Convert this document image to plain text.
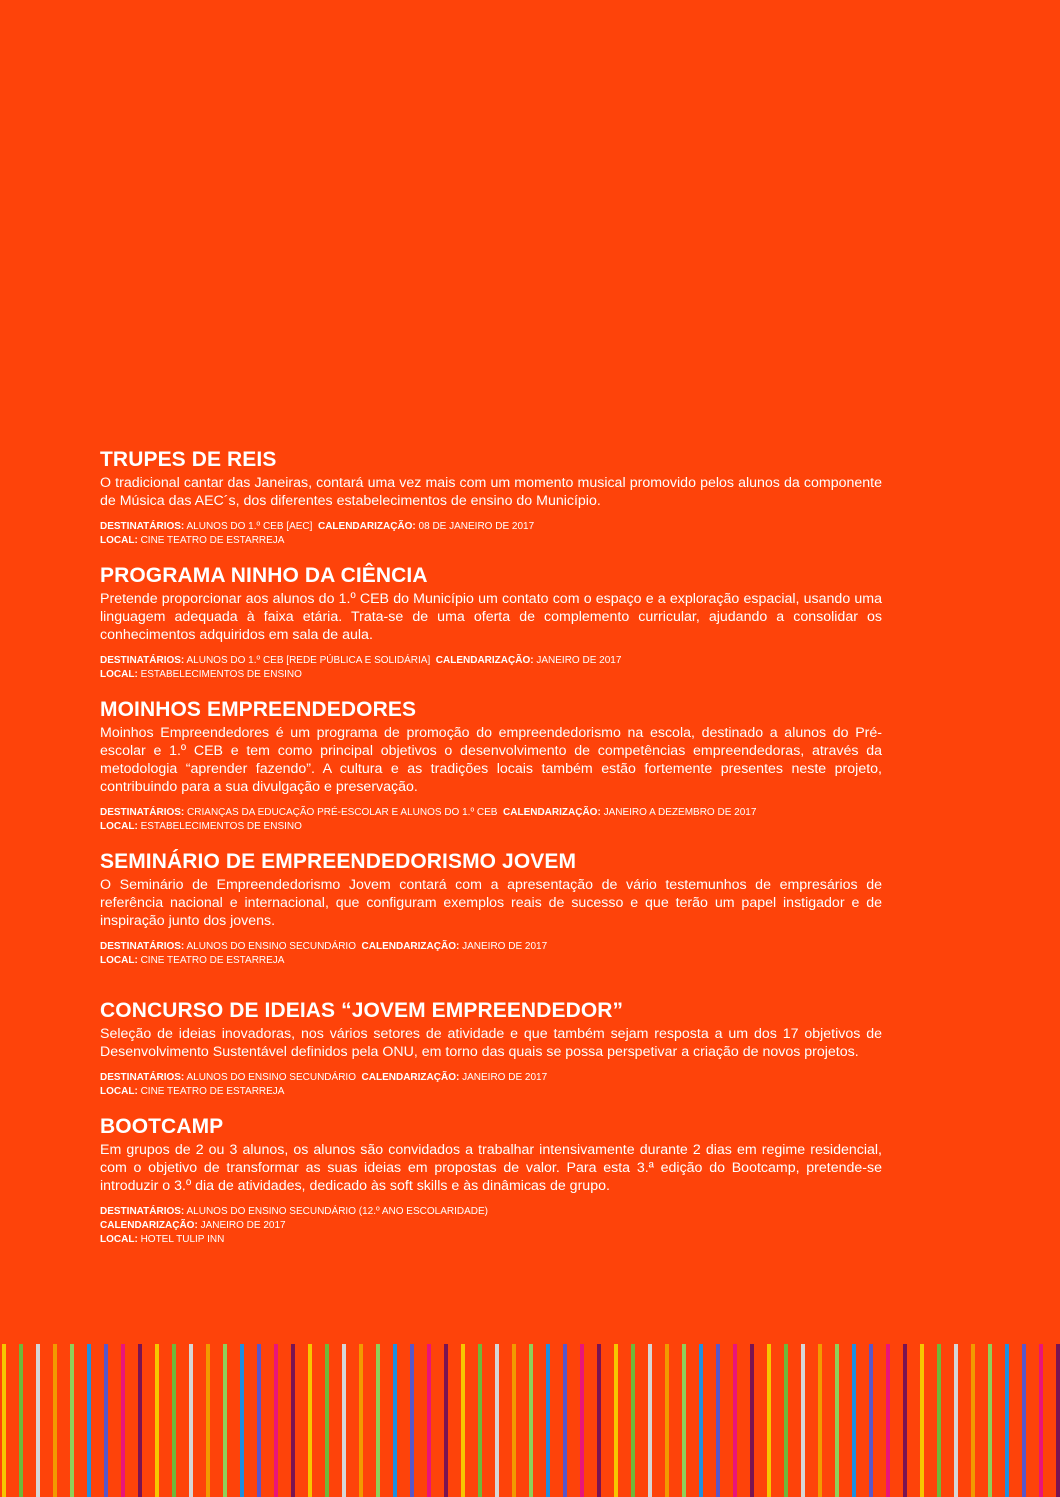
TRUPES DE REIS
O tradicional cantar das Janeiras, contará uma vez mais com um momento musical promovido pelos alunos da componente de Música das AEC´s, dos diferentes estabelecimentos de ensino do Município.
DESTINATÁRIOS: ALUNOS DO 1.º CEB [AEC] CALENDARIZAÇÃO: 08 DE JANEIRO DE 2017
LOCAL: CINE TEATRO DE ESTARREJA
PROGRAMA NINHO DA CIÊNCIA
Pretende proporcionar aos alunos do 1.º CEB do Município um contato com o espaço e a exploração espacial, usando uma linguagem adequada à faixa etária. Trata-se de uma oferta de complemento curricular, ajudando a consolidar os conhecimentos adquiridos em sala de aula.
DESTINATÁRIOS: ALUNOS DO 1.º CEB [REDE PÚBLICA E SOLIDÁRIA] CALENDARIZAÇÃO: JANEIRO DE 2017
LOCAL: ESTABELECIMENTOS DE ENSINO
MOINHOS EMPREENDEDORES
Moinhos Empreendedores é um programa de promoção do empreendedorismo na escola, destinado a alunos do Pré-escolar e 1.º CEB e tem como principal objetivos o desenvolvimento de competências empreendedoras, através da metodologia “aprender fazendo”. A cultura e as tradições locais também estão fortemente presentes neste projeto, contribuindo para a sua divulgação e preservação.
DESTINATÁRIOS: CRIANÇAS DA EDUCAÇÃO PRÉ-ESCOLAR E ALUNOS DO 1.º CEB CALENDARIZAÇÃO: JANEIRO A DEZEMBRO DE 2017
LOCAL: ESTABELECIMENTOS DE ENSINO
SEMINÁRIO DE EMPREENDEDORISMO JOVEM
O Seminário de Empreendedorismo Jovem contará com a apresentação de vário testemunhos de empresários de referência nacional e internacional, que configuram exemplos reais de sucesso e que terão um papel instigador e de inspiração junto dos jovens.
DESTINATÁRIOS: ALUNOS DO ENSINO SECUNDÁRIO CALENDARIZAÇÃO: JANEIRO DE 2017
LOCAL: CINE TEATRO DE ESTARREJA
CONCURSO DE IDEIAS “JOVEM EMPREENDEDOR”
Seleção de ideias inovadoras, nos vários setores de atividade e que também sejam resposta a um dos 17 objetivos de Desenvolvimento Sustentável definidos pela ONU, em torno das quais se possa perspetivar a criação de novos projetos.
DESTINATÁRIOS: ALUNOS DO ENSINO SECUNDÁRIO CALENDARIZAÇÃO: JANEIRO DE 2017
LOCAL: CINE TEATRO DE ESTARREJA
BOOTCAMP
Em grupos de 2 ou 3 alunos, os alunos são convidados a trabalhar intensivamente durante 2 dias em regime residencial, com o objetivo de transformar as suas ideias em propostas de valor. Para esta 3.ª edição do Bootcamp, pretende-se introduzir o 3.º dia de atividades, dedicado às soft skills e às dinâmicas de grupo.
DESTINATÁRIOS: ALUNOS DO ENSINO SECUNDÁRIO (12.º ANO ESCOLARIDADE)
CALENDARIZAÇÃO: JANEIRO DE 2017
LOCAL: HOTEL TULIP INN
